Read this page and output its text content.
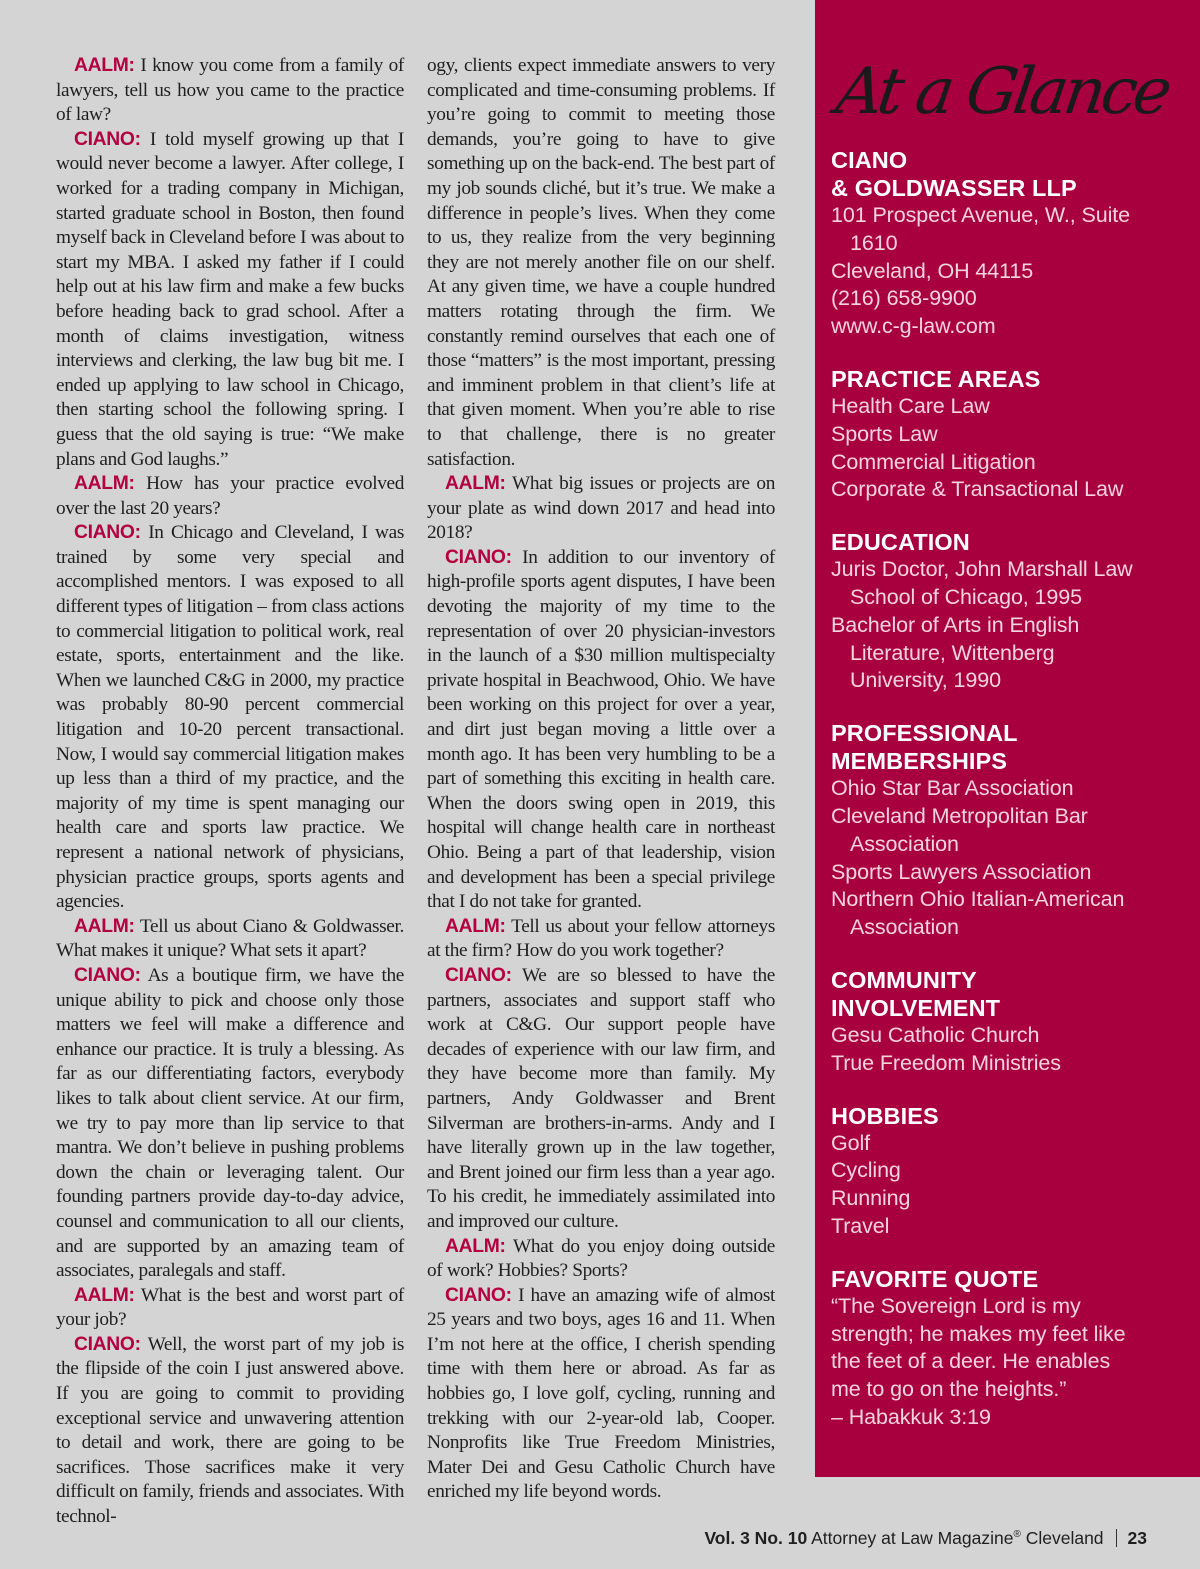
AALM: I know you come from a family of lawyers, tell us how you came to the practice of law?

CIANO: I told myself growing up that I would never become a lawyer. After college, I worked for a trading company in Michigan, started graduate school in Boston, then found myself back in Cleveland before I was about to start my MBA. I asked my father if I could help out at his law firm and make a few bucks before heading back to grad school. After a month of claims investigation, witness interviews and clerking, the law bug bit me. I ended up applying to law school in Chicago, then starting school the following spring. I guess that the old saying is true: “We make plans and God laughs.”

AALM: How has your practice evolved over the last 20 years?

CIANO: In Chicago and Cleveland, I was trained by some very special and accomplished mentors. I was exposed to all different types of litigation – from class actions to commercial litigation to political work, real estate, sports, entertainment and the like. When we launched C&G in 2000, my practice was probably 80-90 percent commercial litigation and 10-20 percent transactional. Now, I would say commercial litigation makes up less than a third of my practice, and the majority of my time is spent managing our health care and sports law practice. We represent a national network of physicians, physician practice groups, sports agents and agencies.

AALM: Tell us about Ciano & Goldwasser. What makes it unique? What sets it apart?

CIANO: As a boutique firm, we have the unique ability to pick and choose only those matters we feel will make a difference and enhance our practice. It is truly a blessing. As far as our differentiating factors, everybody likes to talk about client service. At our firm, we try to pay more than lip service to that mantra. We don’t believe in pushing problems down the chain or leveraging talent. Our founding partners provide day-to-day advice, counsel and communication to all our clients, and are supported by an amazing team of associates, paralegals and staff.

AALM: What is the best and worst part of your job?

CIANO: Well, the worst part of my job is the flipside of the coin I just answered above. If you are going to commit to providing exceptional service and unwavering attention to detail and work, there are going to be sacrifices. Those sacrifices make it very difficult on family, friends and associates. With technol-

ogy, clients expect immediate answers to very complicated and time-consuming problems. If you’re going to commit to meeting those demands, you’re going to have to give something up on the back-end. The best part of my job sounds cliché, but it’s true. We make a difference in people’s lives. When they come to us, they realize from the very beginning they are not merely another file on our shelf. At any given time, we have a couple hundred matters rotating through the firm. We constantly remind ourselves that each one of those “matters” is the most important, pressing and imminent problem in that client’s life at that given moment. When you’re able to rise to that challenge, there is no greater satisfaction.

AALM: What big issues or projects are on your plate as wind down 2017 and head into 2018?

CIANO: In addition to our inventory of high-profile sports agent disputes, I have been devoting the majority of my time to the representation of over 20 physician-investors in the launch of a $30 million multispecialty private hospital in Beachwood, Ohio. We have been working on this project for over a year, and dirt just began moving a little over a month ago. It has been very humbling to be a part of something this exciting in health care. When the doors swing open in 2019, this hospital will change health care in northeast Ohio. Being a part of that leadership, vision and development has been a special privilege that I do not take for granted.

AALM: Tell us about your fellow attorneys at the firm? How do you work together?

CIANO: We are so blessed to have the partners, associates and support staff who work at C&G. Our support people have decades of experience with our law firm, and they have become more than family. My partners, Andy Goldwasser and Brent Silverman are brothers-in-arms. Andy and I have literally grown up in the law together, and Brent joined our firm less than a year ago. To his credit, he immediately assimilated into and improved our culture.

AALM: What do you enjoy doing outside of work? Hobbies? Sports?

CIANO: I have an amazing wife of almost 25 years and two boys, ages 16 and 11. When I’m not here at the office, I cherish spending time with them here or abroad. As far as hobbies go, I love golf, cycling, running and trekking with our 2-year-old lab, Cooper. Nonprofits like True Freedom Ministries, Mater Dei and Gesu Catholic Church have enriched my life beyond words.

At a Glance
CIANO
& GOLDWASSER LLP
101 Prospect Avenue, W., Suite
1610
Cleveland, OH 44115
(216) 658-9900
www.c-g-law.com
PRACTICE AREAS
Health Care Law
Sports Law
Commercial Litigation
Corporate & Transactional Law
EDUCATION
Juris Doctor, John Marshall Law
School of Chicago, 1995
Bachelor of Arts in English
Literature, Wittenberg
University, 1990
PROFESSIONAL
MEMBERSHIPS
Ohio Star Bar Association
Cleveland Metropolitan Bar
Association
Sports Lawyers Association
Northern Ohio Italian-American
Association
COMMUNITY
INVOLVEMENT
Gesu Catholic Church
True Freedom Ministries
HOBBIES
Golf
Cycling
Running
Travel
FAVORITE QUOTE
“The Sovereign Lord is my
strength; he makes my feet like
the feet of a deer. He enables
me to go on the heights.”
– Habakkuk 3:19
Vol. 3 No. 10 Attorney at Law Magazine® Cleveland 23
